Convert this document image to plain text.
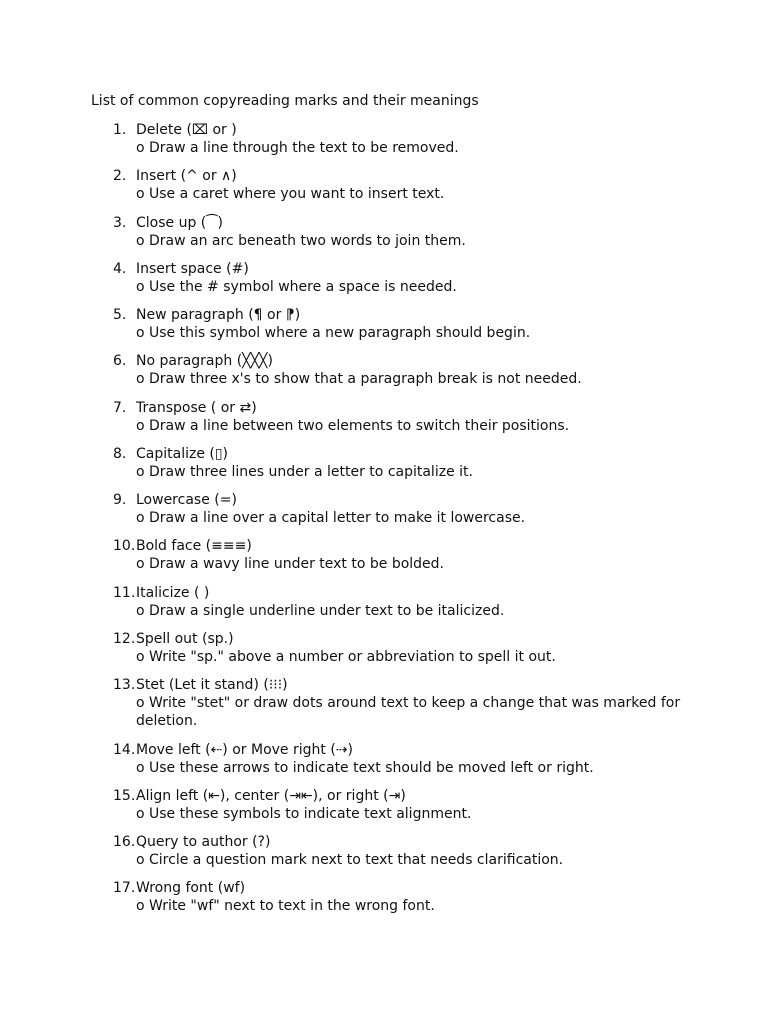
List of common copyreading marks and their meanings
1. Delete (⌧ or )
o Draw a line through the text to be removed.
2. Insert (^ or ∧)
o Use a caret where you want to insert text.
3. Close up (⁀)
o Draw an arc beneath two words to join them.
4. Insert space (#)
o Use the # symbol where a space is needed.
5. New paragraph (¶ or ⁋)
o Use this symbol where a new paragraph should begin.
6. No paragraph (╳╳╳)
o Draw three x's to show that a paragraph break is not needed.
7. Transpose ( or ⇄)
o Draw a line between two elements to switch their positions.
8. Capitalize (▯)
o Draw three lines under a letter to capitalize it.
9. Lowercase (=)
o Draw a line over a capital letter to make it lowercase.
10. Bold face (≡≡≡)
o Draw a wavy line under text to be bolded.
11. Italicize ( )
o Draw a single underline under text to be italicized.
12. Spell out (sp.)
o Write "sp." above a number or abbreviation to spell it out.
13. Stet (Let it stand) (⁝⁝⁝)
o Write "stet" or draw dots around text to keep a change that was marked for deletion.
14. Move left (⇠) or Move right (⇢)
o Use these arrows to indicate text should be moved left or right.
15. Align left (⇤), center (⇥⇤), or right (⇥)
o Use these symbols to indicate text alignment.
16. Query to author (?)
o Circle a question mark next to text that needs clarification.
17. Wrong font (wf)
o Write "wf" next to text in the wrong font.
